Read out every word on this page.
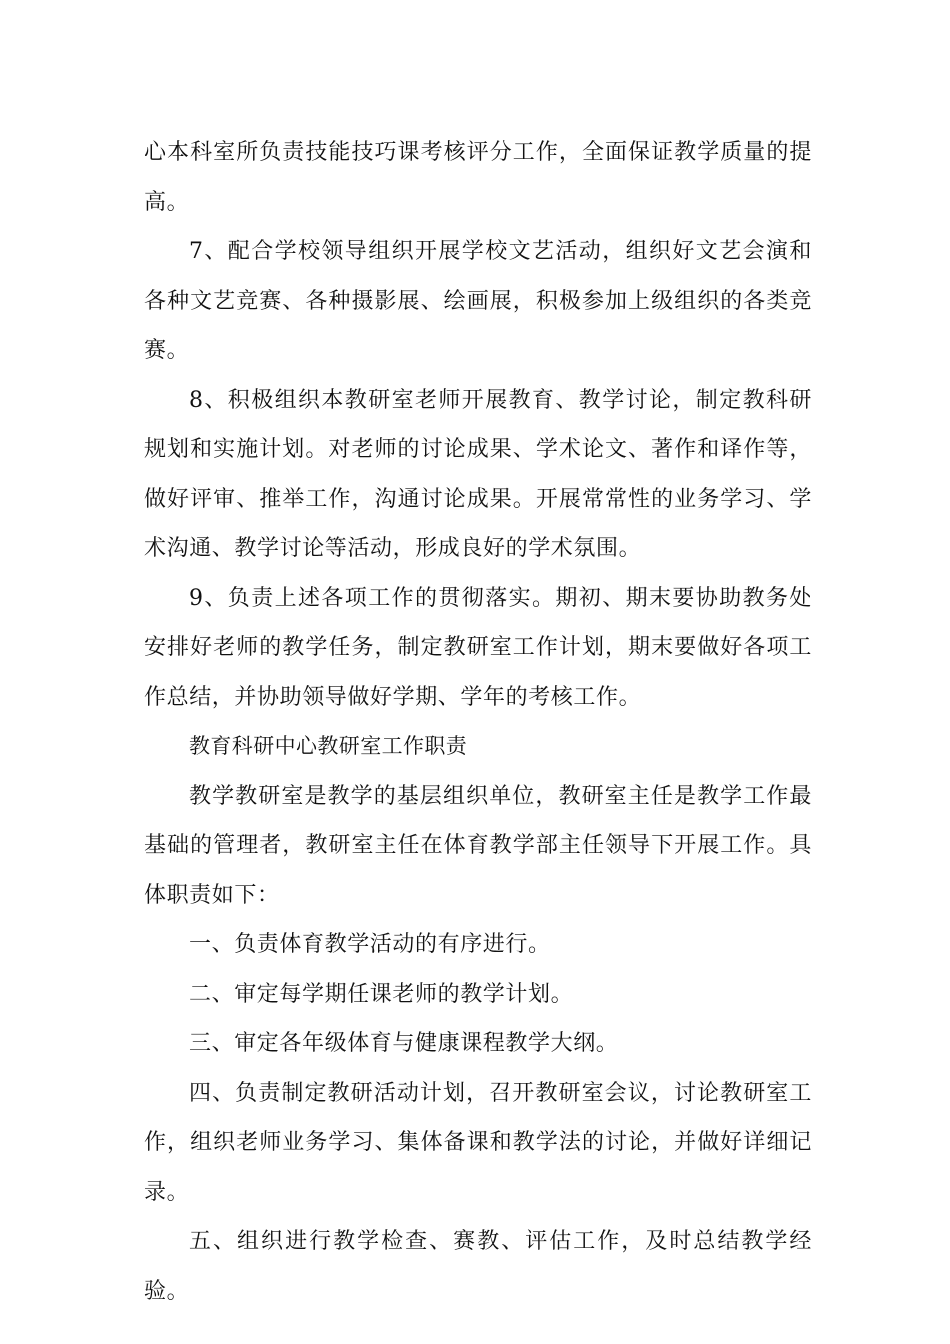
心本科室所负责技能技巧课考核评分工作，全面保证教学质量的提高。

7、配合学校领导组织开展学校文艺活动，组织好文艺会演和各种文艺竞赛、各种摄影展、绘画展，积极参加上级组织的各类竞赛。

8、积极组织本教研室老师开展教育、教学讨论，制定教科研规划和实施计划。对老师的讨论成果、学术论文、著作和译作等，做好评审、推举工作，沟通讨论成果。开展常常性的业务学习、学术沟通、教学讨论等活动，形成良好的学术氛围。

9、负责上述各项工作的贯彻落实。期初、期末要协助教务处安排好老师的教学任务，制定教研室工作计划，期末要做好各项工作总结，并协助领导做好学期、学年的考核工作。

教育科研中心教研室工作职责

教学教研室是教学的基层组织单位，教研室主任是教学工作最基础的管理者，教研室主任在体育教学部主任领导下开展工作。具体职责如下：

一、负责体育教学活动的有序进行。

二、审定每学期任课老师的教学计划。

三、审定各年级体育与健康课程教学大纲。

四、负责制定教研活动计划，召开教研室会议，讨论教研室工作，组织老师业务学习、集体备课和教学法的讨论，并做好详细记录。

五、组织进行教学检查、赛教、评估工作，及时总结教学经验。
